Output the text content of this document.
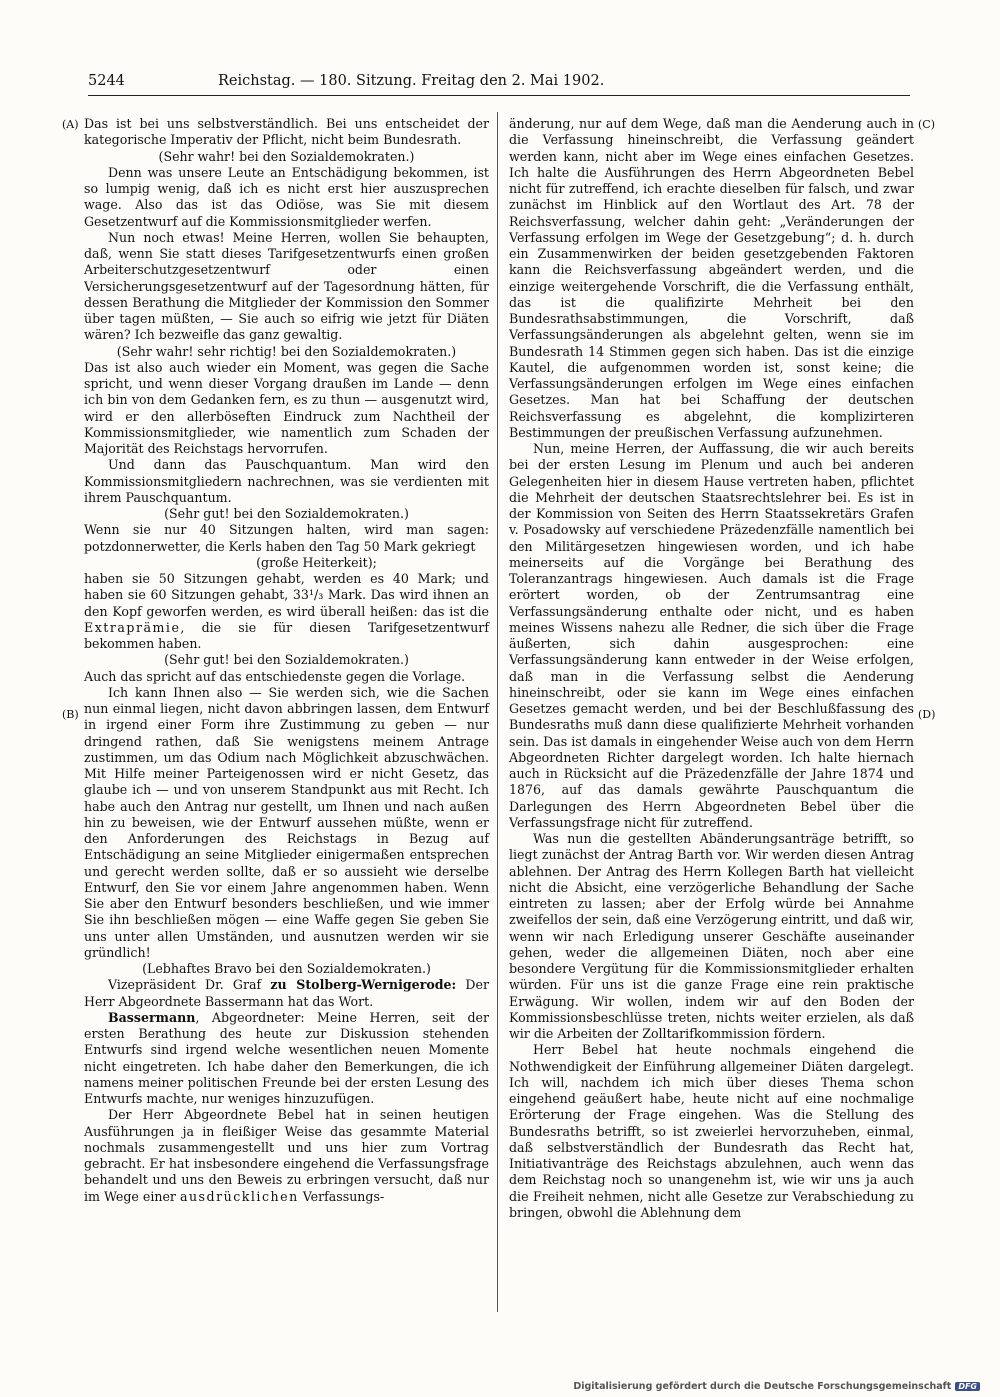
5244	Reichstag. — 180. Sitzung. Freitag den 2. Mai 1902.
(A)
(B)
(C)
(D)

Das ist bei uns selbstverständlich. Bei uns entscheidet der kategorische Imperativ der Pflicht, nicht beim Bundesrath.

(Sehr wahr! bei den Sozialdemokraten.)

Denn was unsere Leute an Entschädigung bekommen, ist so lumpig wenig, daß ich es nicht erst hier auszusprechen wage. Also das ist das Odiöse, was Sie mit diesem Gesetzentwurf auf die Kommissionsmitglieder werfen.

Nun noch etwas! Meine Herren, wollen Sie behaupten, daß, wenn Sie statt dieses Tarifgesetzentwurfs einen großen Arbeiterschutzgesetzentwurf oder einen Versicherungsgesetzentwurf auf der Tagesordnung hätten, für dessen Berathung die Mitglieder der Kommission den Sommer über tagen müßten, — Sie auch so eifrig wie jetzt für Diäten wären? Ich bezweifle das ganz gewaltig.

(Sehr wahr! sehr richtig! bei den Sozialdemokraten.)

Das ist also auch wieder ein Moment, was gegen die Sache spricht, und wenn dieser Vorgang draußen im Lande — denn ich bin von dem Gedanken fern, es zu thun — ausgenutzt wird, wird er den allerböseften Eindruck zum Nachtheil der Kommissionsmitglieder, wie namentlich zum Schaden der Majorität des Reichstags hervorrufen.

Und dann das Pauschquantum. Man wird den Kommissionsmitgliedern nachrechnen, was sie verdienten mit ihrem Pauschquantum.

(Sehr gut! bei den Sozialdemokraten.)

Wenn sie nur 40 Sitzungen halten, wird man sagen: potzdonnerwetter, die Kerls haben den Tag 50 Mark gekriegt

(große Heiterkeit);

haben sie 50 Sitzungen gehabt, werden es 40 Mark; und haben sie 60 Sitzungen gehabt, 33¹/₃ Mark. Das wird ihnen an den Kopf geworfen werden, es wird überall heißen: das ist die Extraprämie, die sie für diesen Tarifgesetzentwurf bekommen haben.

(Sehr gut! bei den Sozialdemokraten.)

Auch das spricht auf das entschiedenste gegen die Vorlage.

Ich kann Ihnen also — Sie werden sich, wie die Sachen nun einmal liegen, nicht davon abbringen lassen, dem Entwurf in irgend einer Form ihre Zustimmung zu geben — nur dringend rathen, daß Sie wenigstens meinem Antrage zustimmen, um das Odium nach Möglichkeit abzuschwächen. Mit Hilfe meiner Parteigenossen wird er nicht Gesetz, das glaube ich — und von unserem Standpunkt aus mit Recht. Ich habe auch den Antrag nur gestellt, um Ihnen und nach außen hin zu beweisen, wie der Entwurf aussehen müßte, wenn er den Anforderungen des Reichstags in Bezug auf Entschädigung an seine Mitglieder einigermaßen entsprechen und gerecht werden sollte, daß er so aussieht wie derselbe Entwurf, den Sie vor einem Jahre angenommen haben. Wenn Sie aber den Entwurf besonders beschließen, und wie immer Sie ihn beschließen mögen — eine Waffe gegen Sie geben Sie uns unter allen Umständen, und ausnutzen werden wir sie gründlich!

(Lebhaftes Bravo bei den Sozialdemokraten.)

Vizepräsident Dr. Graf zu Stolberg-Wernigerode: Der Herr Abgeordnete Bassermann hat das Wort.

Bassermann, Abgeordneter: Meine Herren, seit der ersten Berathung des heute zur Diskussion stehenden Entwurfs sind irgend welche wesentlichen neuen Momente nicht eingetreten. Ich habe daher den Bemerkungen, die ich namens meiner politischen Freunde bei der ersten Lesung des Entwurfs machte, nur weniges hinzuzufügen.

Der Herr Abgeordnete Bebel hat in seinen heutigen Ausführungen ja in fleißiger Weise das gesammte Material nochmals zusammengestellt und uns hier zum Vortrag gebracht. Er hat insbesondere eingehend die Verfassungsfrage behandelt und uns den Beweis zu erbringen versucht, daß nur im Wege einer ausdrücklichen Verfassungs-

änderung, nur auf dem Wege, daß man die Aenderung auch in die Verfassung hineinschreibt, die Verfassung geändert werden kann, nicht aber im Wege eines einfachen Gesetzes. Ich halte die Ausführungen des Herrn Abgeordneten Bebel nicht für zutreffend, ich erachte dieselben für falsch, und zwar zunächst im Hinblick auf den Wortlaut des Art. 78 der Reichsverfassung, welcher dahin geht: „Veränderungen der Verfassung erfolgen im Wege der Gesetzgebung“; d. h. durch ein Zusammenwirken der beiden gesetzgebenden Faktoren kann die Reichsverfassung abgeändert werden, und die einzige weitergehende Vorschrift, die die Verfassung enthält, das ist die qualifizirte Mehrheit bei den Bundesrathsabstimmungen, die Vorschrift, daß Verfassungsänderungen als abgelehnt gelten, wenn sie im Bundesrath 14 Stimmen gegen sich haben. Das ist die einzige Kautel, die aufgenommen worden ist, sonst keine; die Verfassungsänderungen erfolgen im Wege eines einfachen Gesetzes. Man hat bei Schaffung der deutschen Reichsverfassung es abgelehnt, die komplizirteren Bestimmungen der preußischen Verfassung aufzunehmen.

Nun, meine Herren, der Auffassung, die wir auch bereits bei der ersten Lesung im Plenum und auch bei anderen Gelegenheiten hier in diesem Hause vertreten haben, pflichtet die Mehrheit der deutschen Staatsrechtslehrer bei. Es ist in der Kommission von Seiten des Herrn Staatssekretärs Grafen v. Posadowsky auf verschiedene Präzedenzfälle namentlich bei den Militärgesetzen hingewiesen worden, und ich habe meinerseits auf die Vorgänge bei Berathung des Toleranzantrags hingewiesen. Auch damals ist die Frage erörtert worden, ob der Zentrumsantrag eine Verfassungsänderung enthalte oder nicht, und es haben meines Wissens nahezu alle Redner, die sich über die Frage äußerten, sich dahin ausgesprochen: eine Verfassungsänderung kann entweder in der Weise erfolgen, daß man in die Verfassung selbst die Aenderung hineinschreibt, oder sie kann im Wege eines einfachen Gesetzes gemacht werden, und bei der Beschlußfassung des Bundesraths muß dann diese qualifizierte Mehrheit vorhanden sein. Das ist damals in eingehender Weise auch von dem Herrn Abgeordneten Richter dargelegt worden. Ich halte hiernach auch in Rücksicht auf die Präzedenzfälle der Jahre 1874 und 1876, auf das damals gewährte Pauschquantum die Darlegungen des Herrn Abgeordneten Bebel über die Verfassungsfrage nicht für zutreffend.

Was nun die gestellten Abänderungsanträge betrifft, so liegt zunächst der Antrag Barth vor. Wir werden diesen Antrag ablehnen. Der Antrag des Herrn Kollegen Barth hat vielleicht nicht die Absicht, eine verzögerliche Behandlung der Sache eintreten zu lassen; aber der Erfolg würde bei Annahme zweifellos der sein, daß eine Verzögerung eintritt, und daß wir, wenn wir nach Erledigung unserer Geschäfte auseinander gehen, weder die allgemeinen Diäten, noch aber eine besondere Vergütung für die Kommissionsmitglieder erhalten würden. Für uns ist die ganze Frage eine rein praktische Erwägung. Wir wollen, indem wir auf den Boden der Kommissionsbeschlüsse treten, nichts weiter erzielen, als daß wir die Arbeiten der Zolltarifkommission fördern.

Herr Bebel hat heute nochmals eingehend die Nothwendigkeit der Einführung allgemeiner Diäten dargelegt. Ich will, nachdem ich mich über dieses Thema schon eingehend geäußert habe, heute nicht auf eine nochmalige Erörterung der Frage eingehen. Was die Stellung des Bundesraths betrifft, so ist zweierlei hervorzuheben, einmal, daß selbstverständlich der Bundesrath das Recht hat, Initiativanträge des Reichstags abzulehnen, auch wenn das dem Reichstag noch so unangenehm ist, wie wir uns ja auch die Freiheit nehmen, nicht alle Gesetze zur Verabschiedung zu bringen, obwohl die Ablehnung dem

Digitalisierung gefördert durch die Deutsche Forschungsgemeinschaft DFG
